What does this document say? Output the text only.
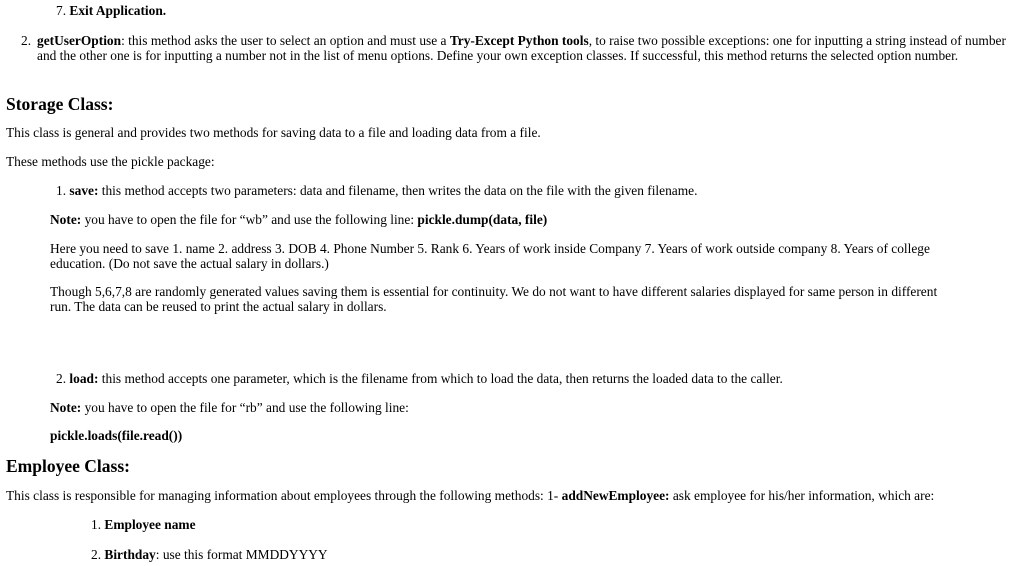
7. Exit Application.
2. getUserOption: this method asks the user to select an option and must use a Try-Except Python tools, to raise two possible exceptions: one for inputting a string instead of number and the other one is for inputting a number not in the list of menu options. Define your own exception classes. If successful, this method returns the selected option number.
Storage Class:
This class is general and provides two methods for saving data to a file and loading data from a file.
These methods use the pickle package:
1. save: this method accepts two parameters: data and filename, then writes the data on the file with the given filename.
Note: you have to open the file for “wb” and use the following line: pickle.dump(data, file)
Here you need to save 1. name 2. address 3. DOB 4. Phone Number 5. Rank 6. Years of work inside Company 7. Years of work outside company 8. Years of college education. (Do not save the actual salary in dollars.)
Though 5,6,7,8 are randomly generated values saving them is essential for continuity. We do not want to have different salaries displayed for same person in different run. The data can be reused to print the actual salary in dollars.
2. load: this method accepts one parameter, which is the filename from which to load the data, then returns the loaded data to the caller.
Note: you have to open the file for “rb” and use the following line:
pickle.loads(file.read())
Employee Class:
This class is responsible for managing information about employees through the following methods: 1- addNewEmployee: ask employee for his/her information, which are:
1. Employee name
2. Birthday: use this format MMDDYYYY
